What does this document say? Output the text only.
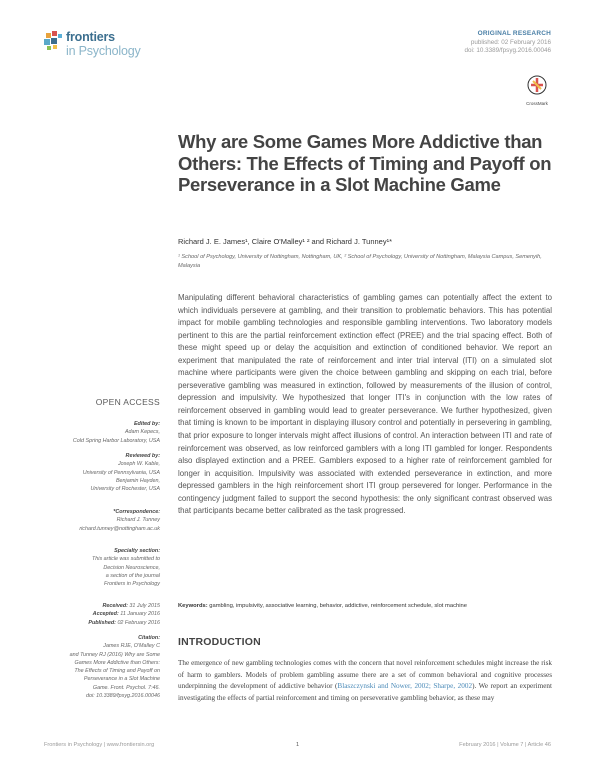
frontiers
in Psychology
ORIGINAL RESEARCH
published: 02 February 2016
doi: 10.3389/fpsyg.2016.00046
CrossMark
Why are Some Games More Addictive than Others: The Effects of Timing and Payoff on Perseverance in a Slot Machine Game
Richard J. E. James¹, Claire O'Malley¹ ² and Richard J. Tunney¹*
¹ School of Psychology, University of Nottingham, Nottingham, UK, ² School of Psychology, University of Nottingham, Malaysia Campus, Semenyih, Malaysia
Manipulating different behavioral characteristics of gambling games can potentially affect the extent to which individuals persevere at gambling, and their transition to problematic behaviors. This has potential impact for mobile gambling technologies and responsible gambling interventions. Two laboratory models pertinent to this are the partial reinforcement extinction effect (PREE) and the trial spacing effect. Both of these might speed up or delay the acquisition and extinction of conditioned behavior. We report an experiment that manipulated the rate of reinforcement and inter trial interval (ITI) on a simulated slot machine where participants were given the choice between gambling and skipping on each trial, before perseverative gambling was measured in extinction, followed by measurements of the illusion of control, depression and impulsivity. We hypothesized that longer ITI's in conjunction with the low rates of reinforcement observed in gambling would lead to greater perseverance. We further hypothesized, given that timing is known to be important in displaying illusory control and potentially in persevering in gambling, that prior exposure to longer intervals might affect illusions of control. An interaction between ITI and rate of reinforcement was observed, as low reinforced gamblers with a long ITI gambled for longer. Respondents also displayed extinction and a PREE. Gamblers exposed to a higher rate of reinforcement gambled for longer in acquisition. Impulsivity was associated with extended perseverance in extinction, and more depressed gamblers in the high reinforcement short ITI group persevered for longer. Performance in the contingency judgment failed to support the second hypothesis: the only significant contrast observed was that participants became better calibrated as the task progressed.
Keywords: gambling, impulsivity, associative learning, behavior, addictive, reinforcement schedule, slot machine
INTRODUCTION
The emergence of new gambling technologies comes with the concern that novel reinforcement schedules might increase the risk of harm to gamblers. Models of problem gambling assume there are a set of common behavioral and cognitive processes underpinning the development of addictive behavior (Blaszczynski and Nower, 2002; Sharpe, 2002). We report an experiment investigating the effects of partial reinforcement and timing on perseverative gambling behavior, as these may
OPEN ACCESS
Edited by:
Adam Kepecs,
Cold Spring Harbor Laboratory, USA
Reviewed by:
Joseph W. Kable,
University of Pennsylvania, USA
Benjamin Hayden,
University of Rochester, USA
*Correspondence:
Richard J. Tunney
richard.tunney@nottingham.ac.uk
Specialty section:
This article was submitted to
Decision Neuroscience,
a section of the journal
Frontiers in Psychology
Received: 31 July 2015
Accepted: 11 January 2016
Published: 02 February 2016
Citation:
James RJE, O'Malley C
and Tunney RJ (2016) Why are Some
Games More Addictive than Others:
The Effects of Timing and Payoff on
Perseverance in a Slot Machine
Game. Front. Psychol. 7:46.
doi: 10.3389/fpsyg.2016.00046
Frontiers in Psychology | www.frontiersin.org	1	February 2016 | Volume 7 | Article 46
